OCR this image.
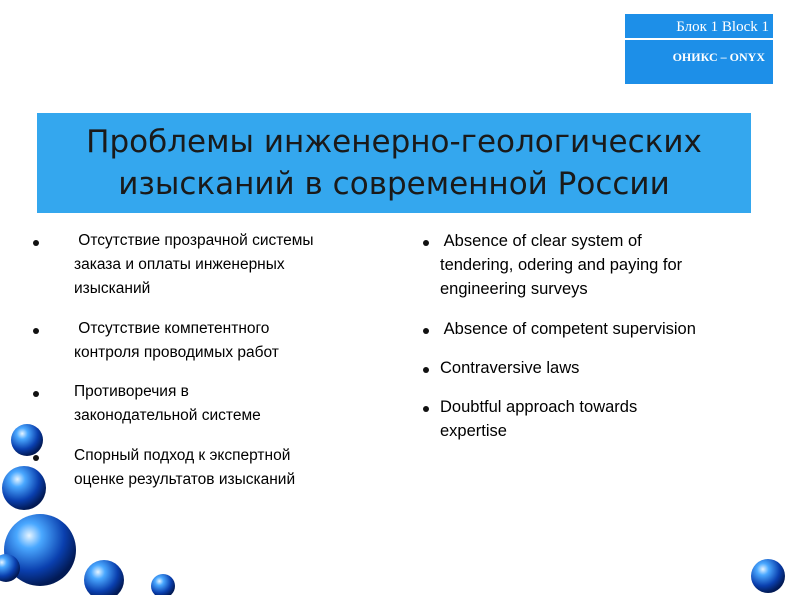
Блок 1 Block 1
ОНИКС – ONYX
Проблемы инженерно-геологических
изысканий в современной России
Отсутствие прозрачной системы
заказа и оплаты инженерных
изысканий
Отсутствие компетентного
контроля проводимых работ
Противоречия в
законодательной системе
Спорный подход к экспертной
оценке результатов изысканий
Absence of clear system of
tendering, odering and paying for
engineering surveys
Absence of competent supervision
Contraversive laws
Doubtful approach towards
expertise
